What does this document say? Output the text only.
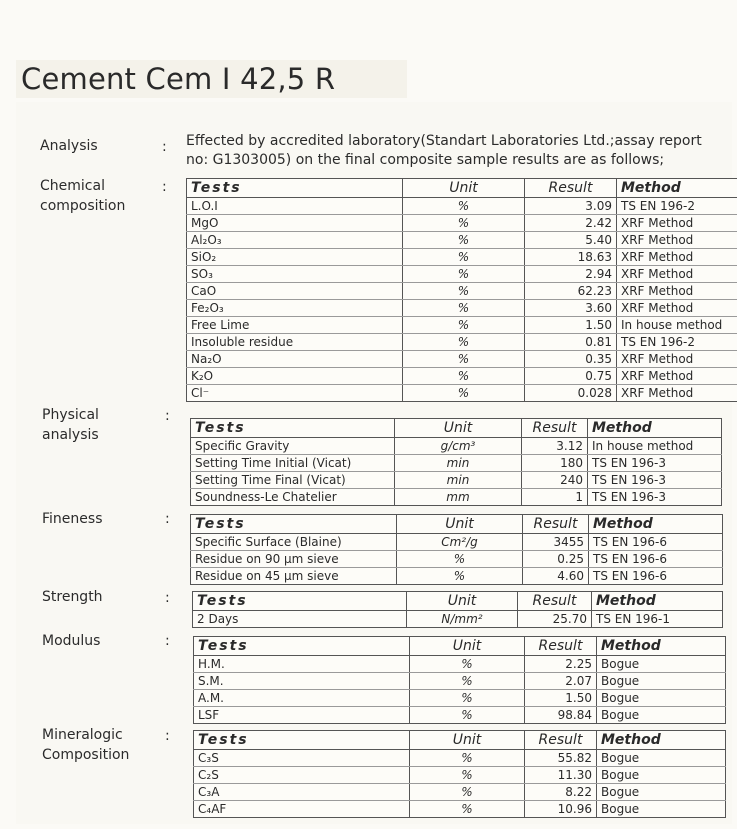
Cement Cem I 42,5 R
Analysis	: Effected by accredited laboratory(Standart Laboratories Ltd.;assay report no: G1303005) on the final composite sample results are as follows;
Chemical
composition
: Tests	Unit	Result	Method
L.O.I	%	3.09	TS EN 196-2
MgO	%	2.42	XRF Method
Al₂O₃	%	5.40	XRF Method
SiO₂	%	18.63	XRF Method
SO₃	%	2.94	XRF Method
CaO	%	62.23	XRF Method
Fe₂O₃	%	3.60	XRF Method
Free Lime	%	1.50	In house method
Insoluble residue	%	0.81	TS EN 196-2
Na₂O	%	0.35	XRF Method
K₂O	%	0.75	XRF Method
Cl⁻	%	0.028	XRF Method
Physical
analysis
:
Tests	Unit	Result	Method
Specific Gravity	g/cm³	3.12	In house method
Setting Time Initial (Vicat)	min	180	TS EN 196-3
Setting Time Final (Vicat)	min	240	TS EN 196-3
Soundness-Le Chatelier	mm	1	TS EN 196-3
Fineness	: Tests	Unit	Result	Method
Specific Surface (Blaine)	Cm²/g	3455	TS EN 196-6
Residue on 90 µm sieve	%	0.25	TS EN 196-6
Residue on 45 µm sieve	%	4.60	TS EN 196-6
Strength	: Tests	Unit	Result	Method
2 Days	N/mm²	25.70	TS EN 196-1
Modulus	: Tests	Unit	Result	Method
H.M.	%	2.25	Bogue
S.M.	%	2.07	Bogue
A.M.	%	1.50	Bogue
LSF	%	98.84	Bogue
Mineralogic
Composition
: Tests	Unit	Result	Method
C₃S	%	55.82	Bogue
C₂S	%	11.30	Bogue
C₃A	%	8.22	Bogue
C₄AF	%	10.96	Bogue
